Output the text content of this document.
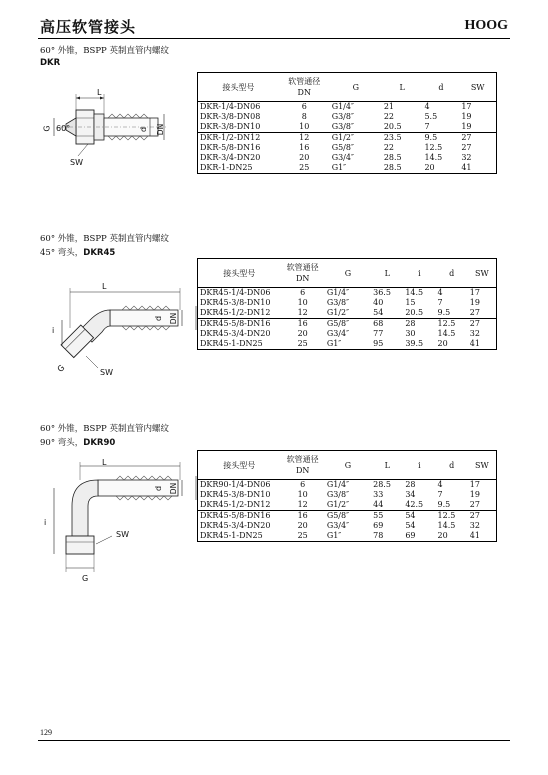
高压软管接头	HOOG
60° 外锥，BSPP 英制直管内螺纹
DKR
L
G 60°	d DN
SW
接头型号	软管通径
DN	G	L	d	SW
DKR-1/4-DN06	6	G1/4″	21	4	17
DKR-3/8-DN08	8	G3/8″	22	5.5	19
DKR-3/8-DN10	10	G3/8″	20.5	7	19
DKR-1/2-DN12	12	G1/2″	23.5	9.5	27
DKR-5/8-DN16	16	G5/8″	22	12.5	27
DKR-3/4-DN20	20	G3/4″	28.5	14.5	32
DKR-1-DN25	25	G1″	28.5	20	41
60° 外锥，BSPP 英制直管内螺纹
45° 弯头，DKR45
L
i
G
d DN
SW
接头型号	软管通径
DN	G	L	i	d	SW
DKR45-1/4-DN06	6	G1/4″	36.5	14.5	4	17
DKR45-3/8-DN10	10	G3/8″	40	15	7	19
DKR45-1/2-DN12	12	G1/2″	54	20.5	9.5	27
DKR45-5/8-DN16	16	G5/8″	68	28	12.5	27
DKR45-3/4-DN20	20	G3/4″	77	30	14.5	32
DKR45-1-DN25	25	G1″	95	39.5	20	41
60° 外锥，BSPP 英制直管内螺纹
90° 弯头，DKR90
L
i
d DN
SW
G
接头型号	软管通径
DN	G	L	i	d	SW
DKR90-1/4-DN06	6	G1/4″	28.5	28	4	17
DKR45-3/8-DN10	10	G3/8″	33	34	7	19
DKR45-1/2-DN12	12	G1/2″	44	42.5	9.5	27
DKR45-5/8-DN16	16	G5/8″	55	54	12.5	27
DKR45-3/4-DN20	20	G3/4″	69	54	14.5	32
DKR45-1-DN25	25	G1″	78	69	20	41
129
